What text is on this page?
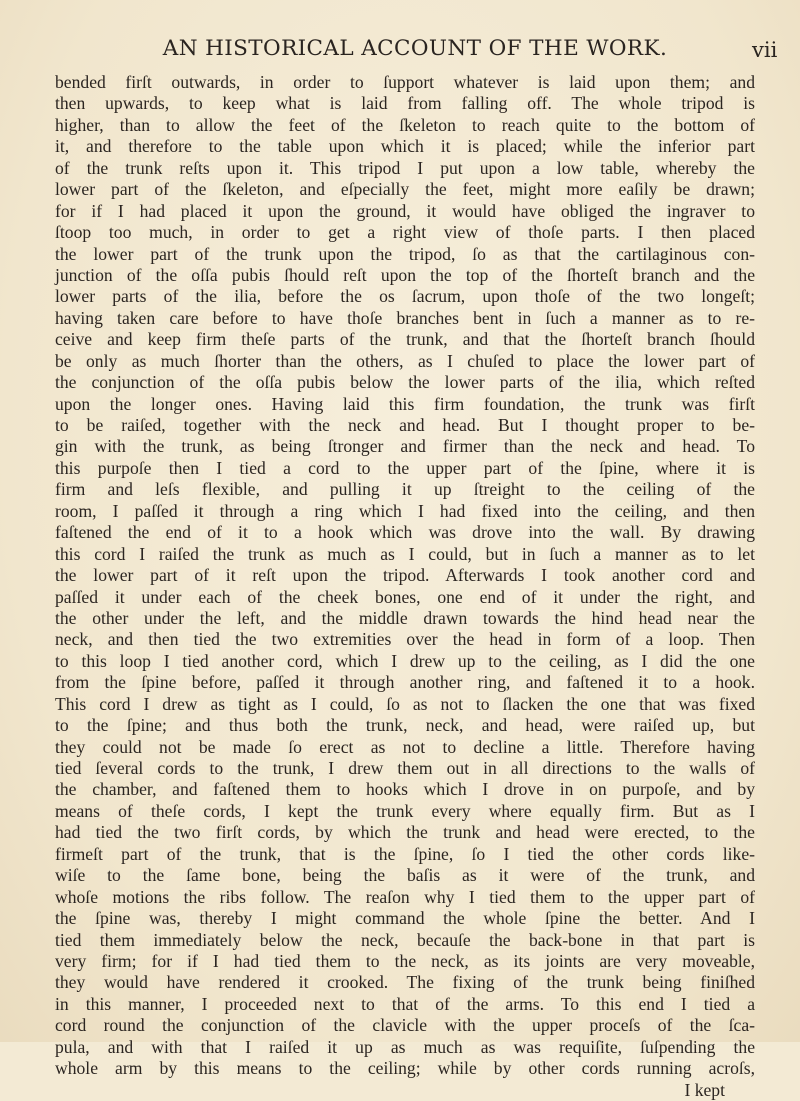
AN HISTORICAL ACCOUNT OF THE WORK.	vii
bended firſt outwards, in order to ſupport whatever is laid upon them; and
then upwards, to keep what is laid from falling off. The whole tripod is
higher, than to allow the feet of the ſkeleton to reach quite to the bottom of
it, and therefore to the table upon which it is placed; while the inferior part
of the trunk reſts upon it. This tripod I put upon a low table, whereby the
lower part of the ſkeleton, and eſpecially the feet, might more eaſily be drawn;
for if I had placed it upon the ground, it would have obliged the ingraver to
ſtoop too much, in order to get a right view of thoſe parts. I then placed
the lower part of the trunk upon the tripod, ſo as that the cartilaginous con-
junction of the oſſa pubis ſhould reſt upon the top of the ſhorteſt branch and the
lower parts of the ilia, before the os ſacrum, upon thoſe of the two longeſt;
having taken care before to have thoſe branches bent in ſuch a manner as to re-
ceive and keep firm theſe parts of the trunk, and that the ſhorteſt branch ſhould
be only as much ſhorter than the others, as I chuſed to place the lower part of
the conjunction of the oſſa pubis below the lower parts of the ilia, which reſted
upon the longer ones. Having laid this firm foundation, the trunk was firſt
to be raiſed, together with the neck and head. But I thought proper to be-
gin with the trunk, as being ſtronger and firmer than the neck and head. To
this purpoſe then I tied a cord to the upper part of the ſpine, where it is
firm and leſs flexible, and pulling it up ſtreight to the ceiling of the
room, I paſſed it through a ring which I had fixed into the ceiling, and then
faſtened the end of it to a hook which was drove into the wall. By drawing
this cord I raiſed the trunk as much as I could, but in ſuch a manner as to let
the lower part of it reſt upon the tripod. Afterwards I took another cord and
paſſed it under each of the cheek bones, one end of it under the right, and
the other under the left, and the middle drawn towards the hind head near the
neck, and then tied the two extremities over the head in form of a loop. Then
to this loop I tied another cord, which I drew up to the ceiling, as I did the one
from the ſpine before, paſſed it through another ring, and faſtened it to a hook.
This cord I drew as tight as I could, ſo as not to ſlacken the one that was fixed
to the ſpine; and thus both the trunk, neck, and head, were raiſed up, but
they could not be made ſo erect as not to decline a little. Therefore having
tied ſeveral cords to the trunk, I drew them out in all directions to the walls of
the chamber, and faſtened them to hooks which I drove in on purpoſe, and by
means of theſe cords, I kept the trunk every where equally firm. But as I
had tied the two firſt cords, by which the trunk and head were erected, to the
firmeſt part of the trunk, that is the ſpine, ſo I tied the other cords like-
wiſe to the ſame bone, being the baſis as it were of the trunk, and
whoſe motions the ribs follow. The reaſon why I tied them to the upper part of
the ſpine was, thereby I might command the whole ſpine the better. And I
tied them immediately below the neck, becauſe the back-bone in that part is
very firm; for if I had tied them to the neck, as its joints are very moveable,
they would have rendered it crooked. The fixing of the trunk being finiſhed
in this manner, I proceeded next to that of the arms. To this end I tied a
cord round the conjunction of the clavicle with the upper proceſs of the ſca-
pula, and with that I raiſed it up as much as was requiſite, ſuſpending the
whole arm by this means to the ceiling; while by other cords running acroſs,
I kept
